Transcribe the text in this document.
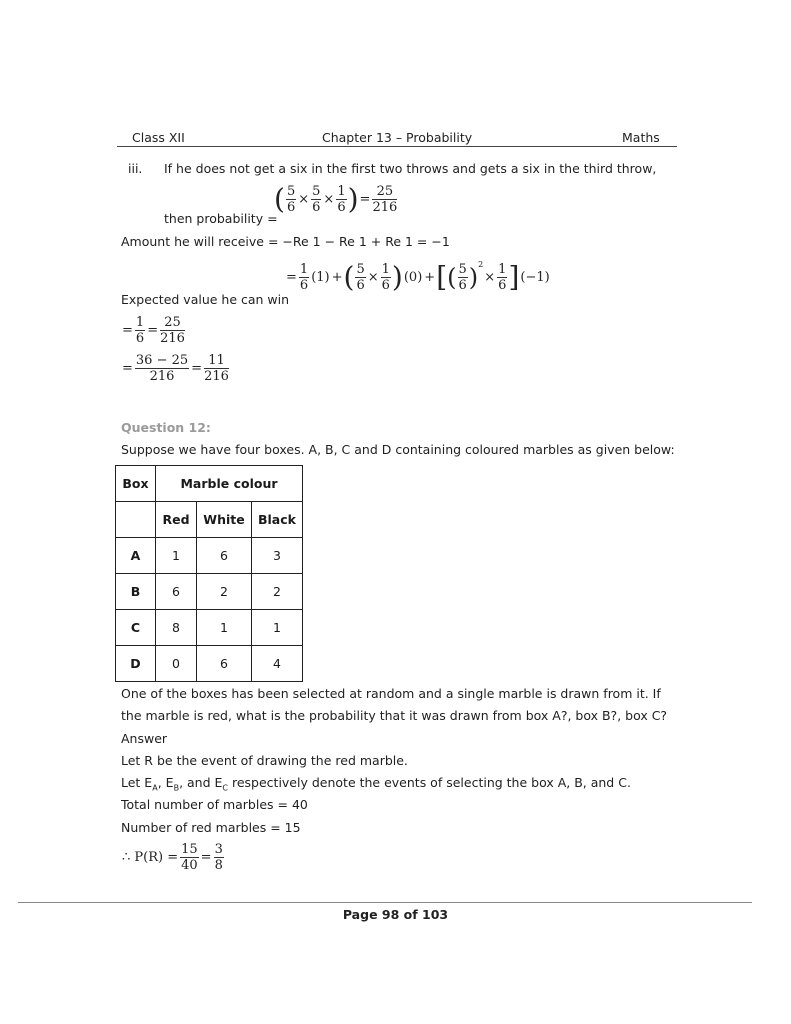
Class XII	Chapter 13 – Probability	Maths
iii. If he does not get a six in the first two throws and gets a six in the third throw,
then probability =
( $\frac{5}{6} \times \frac{5}{6} \times \frac{1}{6}$ )= $\frac{25}{216}$
Amount he will receive = −Re 1 − Re 1 + Re 1 = −1
Expected value he can win
= $\frac{1}{6} (1)$ +( $\frac{5}{6} \times \frac{1}{6} )(0)$ +[( $\frac{5}{6} )^2\times \frac{1}{6} ](-1)$
= $\frac{1}{6} = \frac{25}{216}$
= $\frac{36 - 25}{216} = \frac{11}{216}$
Question 12:
Suppose we have four boxes. A, B, C and D containing coloured marbles as given below:
Box	Marble colour		
	Red	White	Black
A	1	6	3
B	6	2	2
C	8	1	1
D	0	6	4
One of the boxes has been selected at random and a single marble is drawn from it. If
the marble is red, what is the probability that it was drawn from box A?, box B?, box C?
Answer
Let R be the event of drawing the red marble.
Let $E_A$, $E_B$, and $E_C$ respectively denote the events of selecting the box A, B, and C.
Total number of marbles = 40
Number of red marbles = 15
∴ $P(R) = \frac{15}{40} = \frac{3}{8}$
Page 98 of 103
